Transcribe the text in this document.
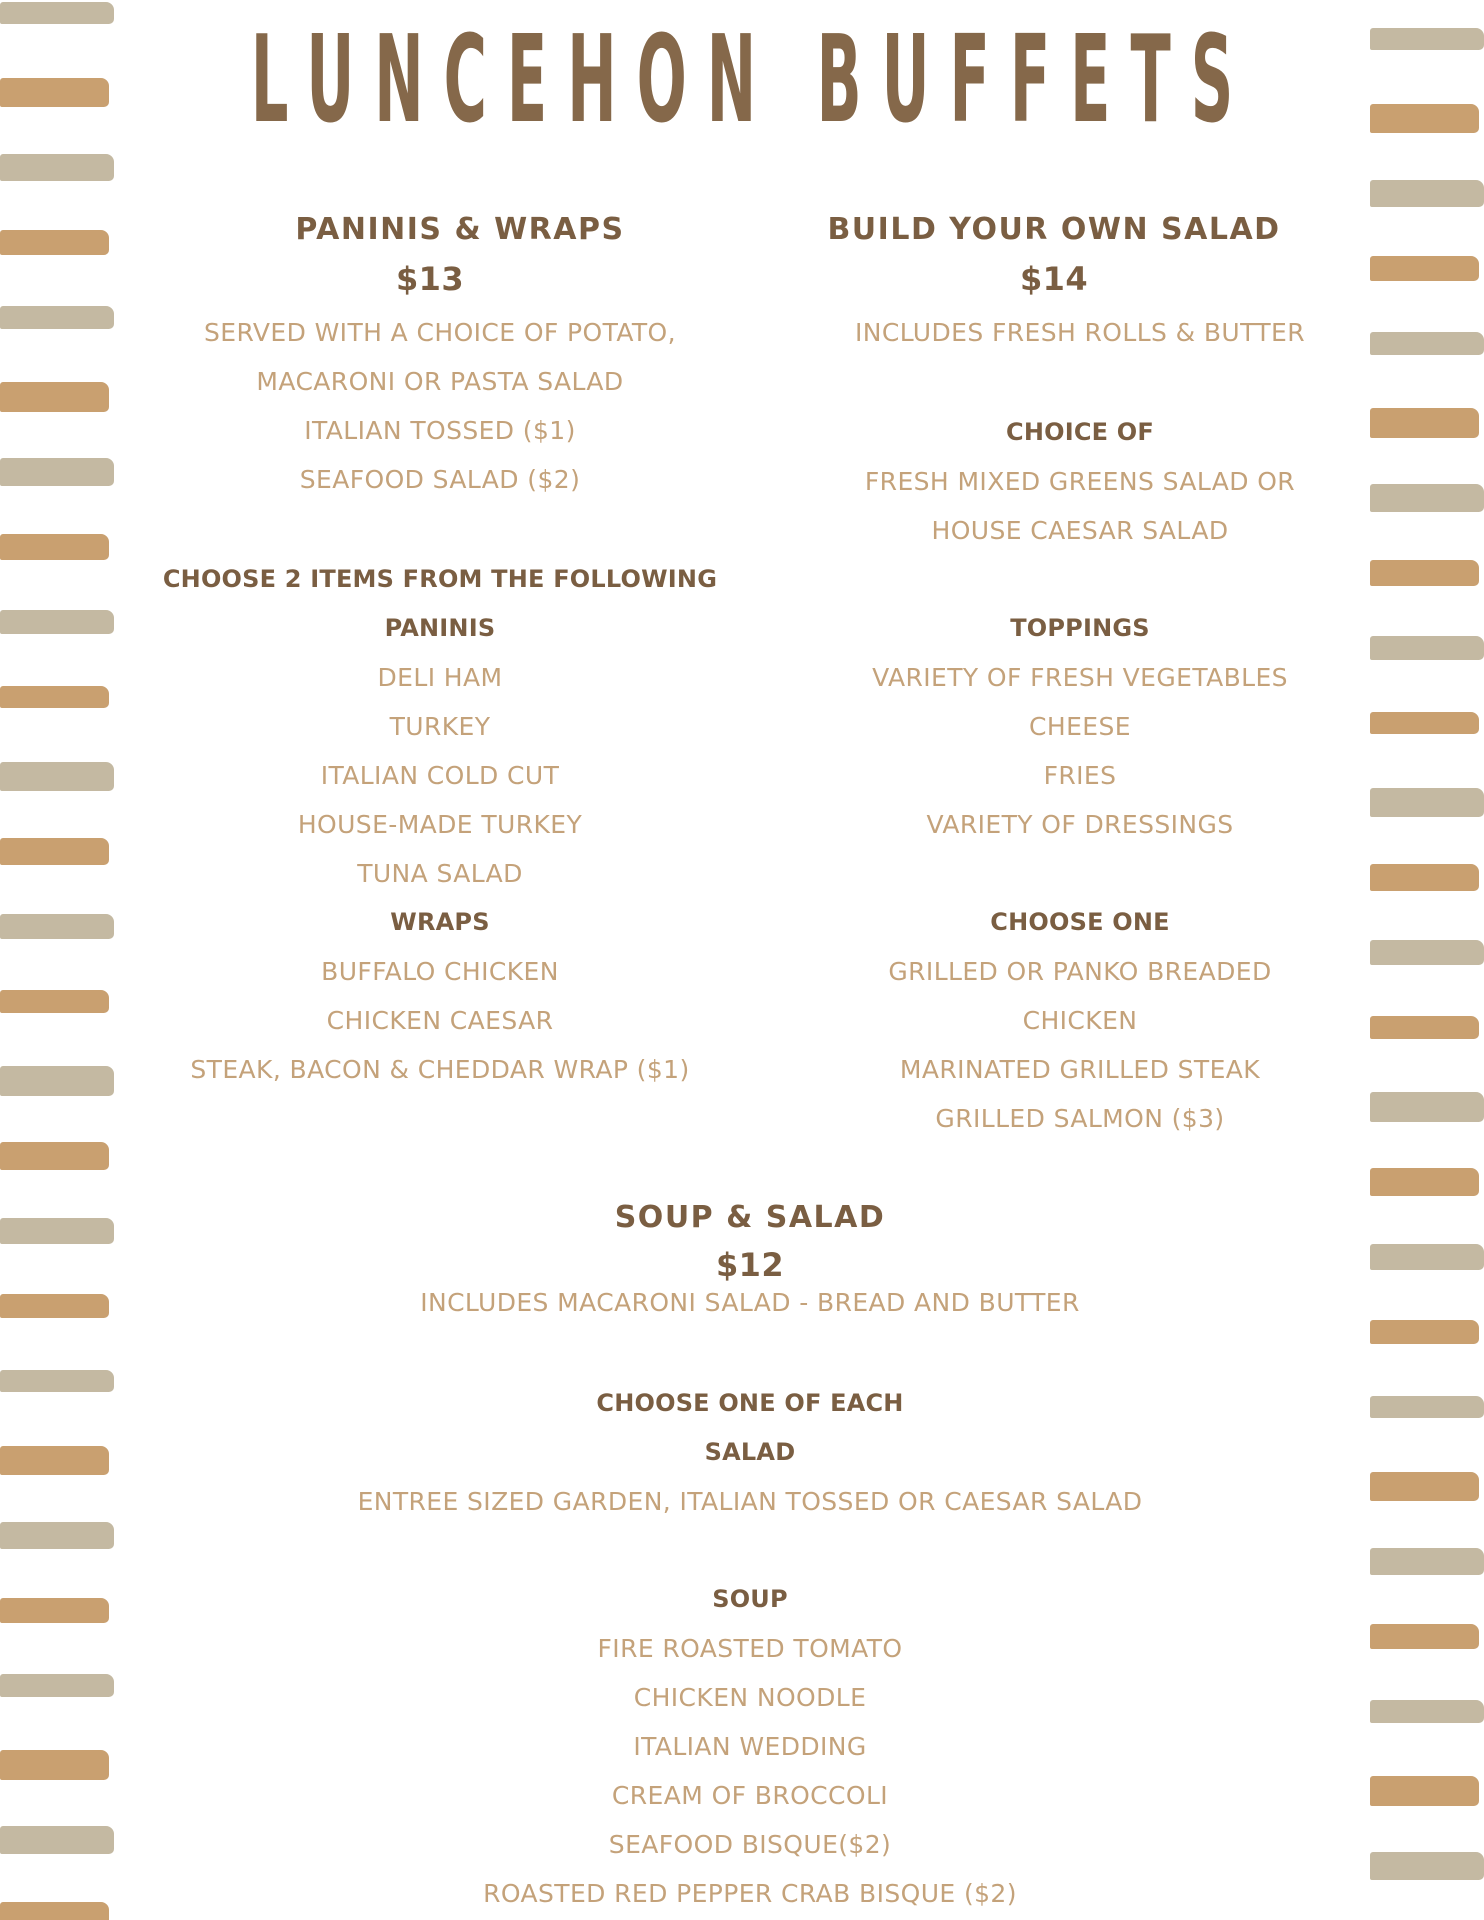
LUNCEHON BUFFETS
PANINIS & WRAPS
$13
SERVED WITH A CHOICE OF POTATO,
MACARONI OR PASTA SALAD
ITALIAN TOSSED ($1)
SEAFOOD SALAD ($2)
CHOOSE 2 ITEMS FROM THE FOLLOWING
PANINIS
DELI HAM
TURKEY
ITALIAN COLD CUT
HOUSE-MADE TURKEY
TUNA SALAD
WRAPS
BUFFALO CHICKEN
CHICKEN CAESAR
STEAK, BACON & CHEDDAR WRAP ($1)
BUILD YOUR OWN SALAD
$14
INCLUDES FRESH ROLLS & BUTTER
CHOICE OF
FRESH MIXED GREENS SALAD OR
HOUSE CAESAR SALAD
TOPPINGS
VARIETY OF FRESH VEGETABLES
CHEESE
FRIES
VARIETY OF DRESSINGS
CHOOSE ONE
GRILLED OR PANKO BREADED
CHICKEN
MARINATED GRILLED STEAK
GRILLED SALMON ($3)
SOUP & SALAD
$12
INCLUDES MACARONI SALAD - BREAD AND BUTTER
CHOOSE ONE OF EACH
SALAD
ENTREE SIZED GARDEN, ITALIAN TOSSED OR CAESAR SALAD
SOUP
FIRE ROASTED TOMATO
CHICKEN NOODLE
ITALIAN WEDDING
CREAM OF BROCCOLI
SEAFOOD BISQUE($2)
ROASTED RED PEPPER CRAB BISQUE ($2)
